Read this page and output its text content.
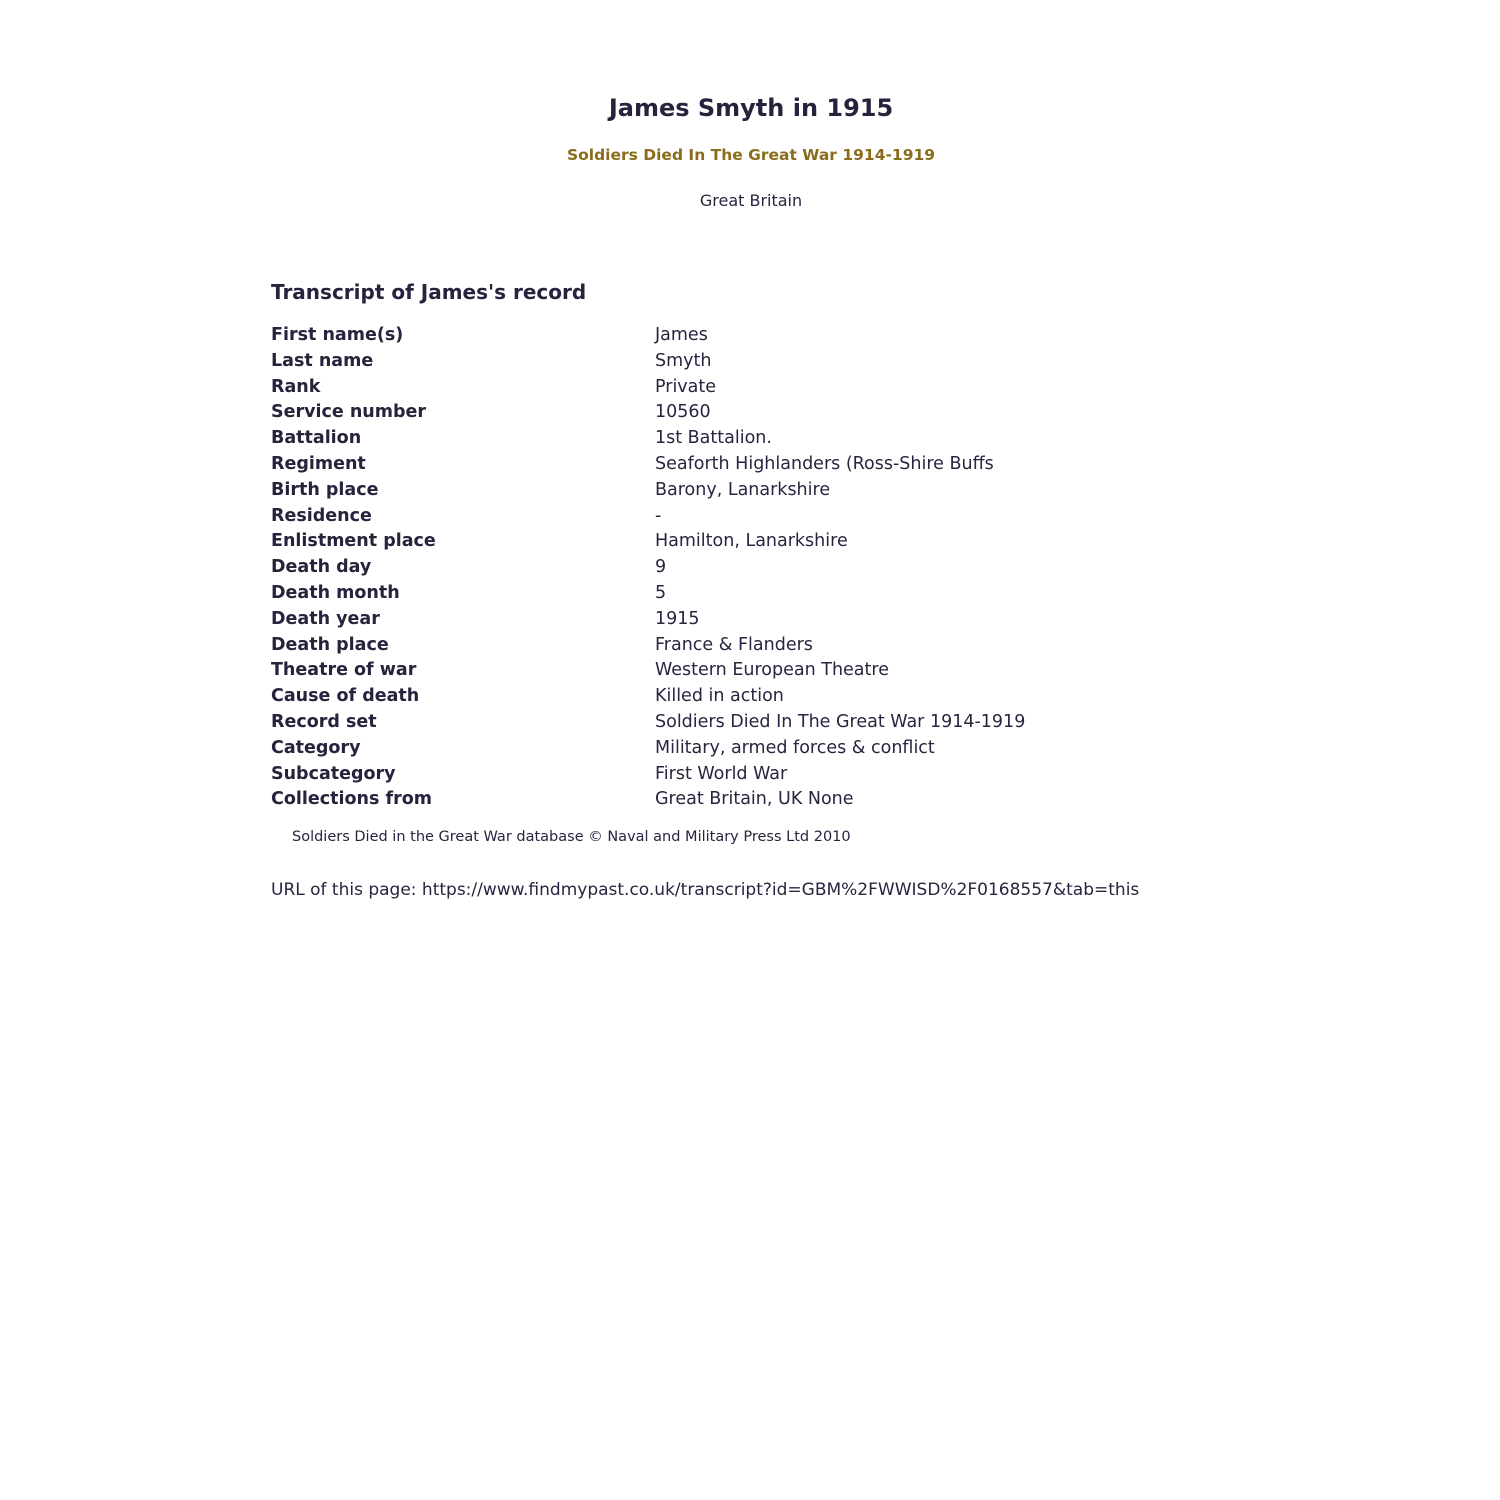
James Smyth in 1915
Soldiers Died In The Great War 1914-1919
Great Britain
Transcript of James's record
First name(s)	James
Last name	Smyth
Rank	Private
Service number	10560
Battalion	1st Battalion.
Regiment	Seaforth Highlanders (Ross-Shire Buffs
Birth place	Barony, Lanarkshire
Residence	-
Enlistment place	Hamilton, Lanarkshire
Death day	9
Death month	5
Death year	1915
Death place	France & Flanders
Theatre of war	Western European Theatre
Cause of death	Killed in action
Record set	Soldiers Died In The Great War 1914-1919
Category	Military, armed forces & conflict
Subcategory	First World War
Collections from	Great Britain, UK None
Soldiers Died in the Great War database © Naval and Military Press Ltd 2010
URL of this page: https://www.findmypast.co.uk/transcript?id=GBM%2FWWISD%2F0168557&tab=this
